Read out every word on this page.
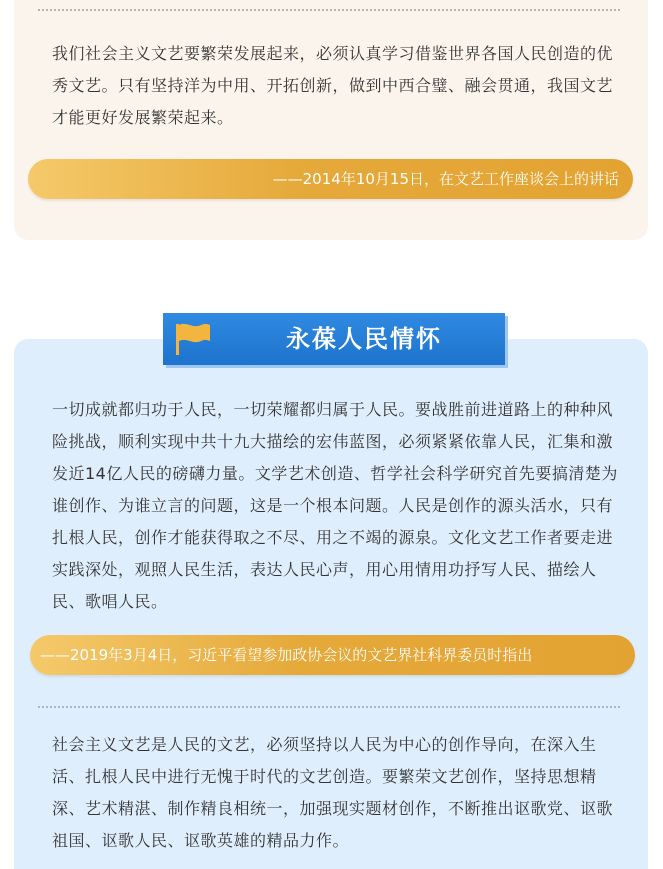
我们社会主义文艺要繁荣发展起来，必须认真学习借鉴世界各国人民创造的优秀文艺。只有坚持洋为中用、开拓创新，做到中西合璧、融会贯通，我国文艺才能更好发展繁荣起来。

——2014年10月15日，在文艺工作座谈会上的讲话
永葆人民情怀

一切成就都归功于人民，一切荣耀都归属于人民。要战胜前进道路上的种种风险挑战，顺利实现中共十九大描绘的宏伟蓝图，必须紧紧依靠人民，汇集和激发近14亿人民的磅礴力量。文学艺术创造、哲学社会科学研究首先要搞清楚为谁创作、为谁立言的问题，这是一个根本问题。人民是创作的源头活水，只有扎根人民，创作才能获得取之不尽、用之不竭的源泉。文化文艺工作者要走进实践深处，观照人民生活，表达人民心声，用心用情用功抒写人民、描绘人民、歌唱人民。

——2019年3月4日，习近平看望参加政协会议的文艺界社科界委员时指出

社会主义文艺是人民的文艺，必须坚持以人民为中心的创作导向，在深入生活、扎根人民中进行无愧于时代的文艺创造。要繁荣文艺创作，坚持思想精深、艺术精湛、制作精良相统一，加强现实题材创作，不断推出讴歌党、讴歌祖国、讴歌人民、讴歌英雄的精品力作。
